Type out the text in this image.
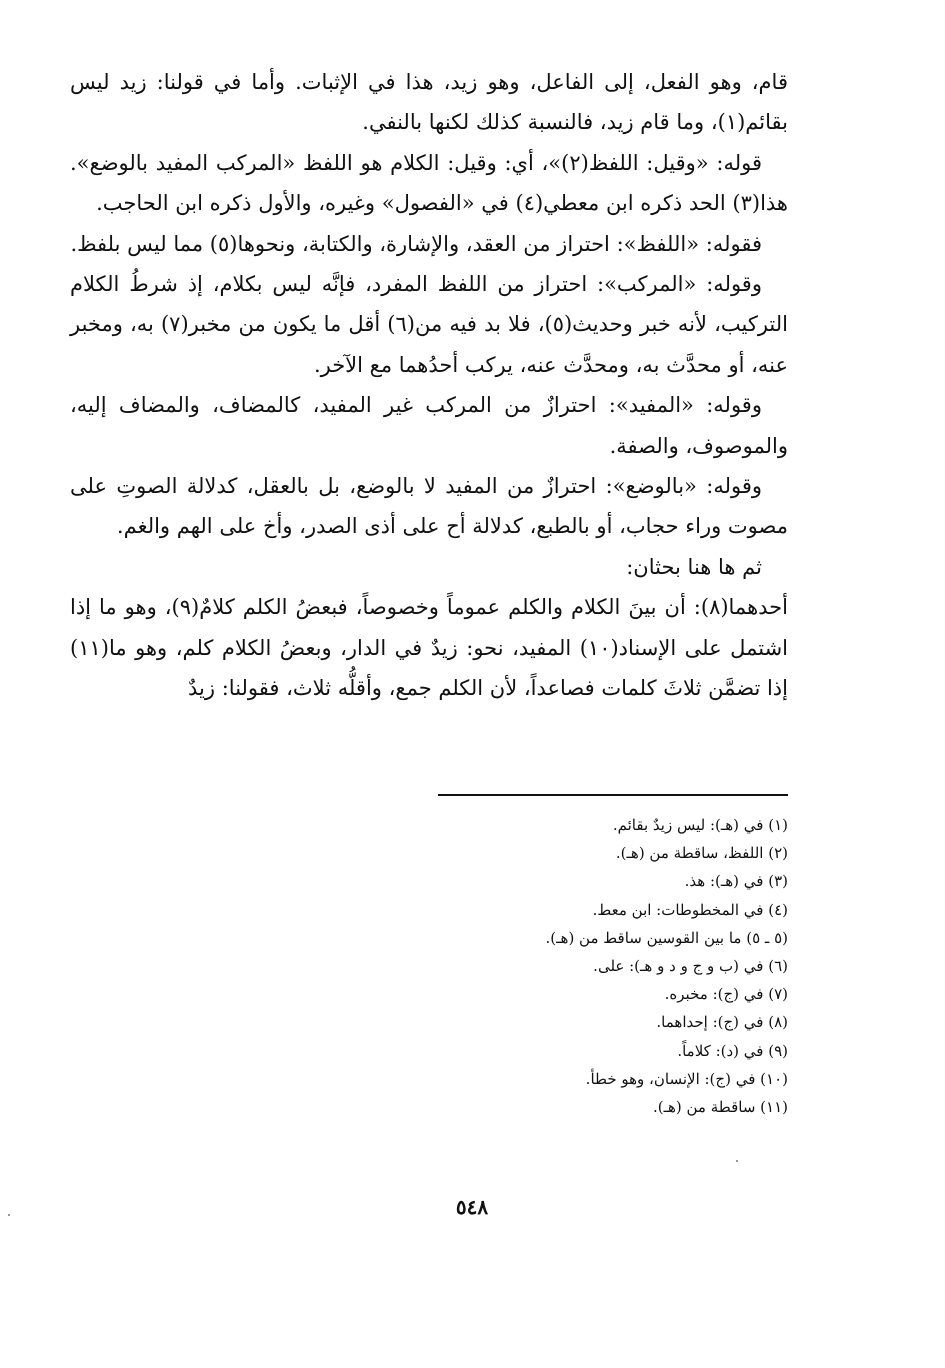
قام، وهو الفعل، إلى الفاعل، وهو زيد، هذا في الإثبات. وأما في قولنا: زيد ليس بقائم(١)، وما قام زيد، فالنسبة كذلك لكنها بالنفي.

قوله: «وقيل: اللفظ(٢)»، أي: وقيل: الكلام هو اللفظ «المركب المفيد بالوضع». هذا(٣) الحد ذكره ابن معطي(٤) في «الفصول» وغيره، والأول ذكره ابن الحاجب.

فقوله: «اللفظ»: احتراز من العقد، والإشارة، والكتابة، ونحوها(٥) مما ليس بلفظ.

وقوله: «المركب»: احتراز من اللفظ المفرد، فإنَّه ليس بكلام، إذ شرطُ الكلام التركيب، لأنه خبر وحديث(٥)، فلا بد فيه من(٦) أقل ما يكون من مخبر(٧) به، ومخبر عنه، أو محدَّث به، ومحدَّث عنه، يركب أحدُهما مع الآخر.

وقوله: «المفيد»: احترازٌ من المركب غير المفيد، كالمضاف، والمضاف إليه، والموصوف، والصفة.

وقوله: «بالوضع»: احترازٌ من المفيد لا بالوضع، بل بالعقل، كدلالة الصوتِ على مصوت وراء حجاب، أو بالطبع، كدلالة أح على أذى الصدر، وأخ على الهم والغم.

ثم ها هنا بحثان:

أحدهما(٨): أن بينَ الكلام والكلم عموماً وخصوصاً، فبعضُ الكلم كلامٌ(٩)، وهو ما إذا اشتمل على الإسناد(١٠) المفيد، نحو: زيدٌ في الدار، وبعضُ الكلام كلم، وهو ما(١١) إذا تضمَّن ثلاثَ كلمات فصاعداً، لأن الكلم جمع، وأقلُّه ثلاث، فقولنا: زيدٌ

(١) في (هـ): ليس زيدٌ بقائم.
(٢) اللفظ، ساقطة من (هـ).
(٣) في (هـ): هذ.
(٤) في المخطوطات: ابن معط.
(٥ ـ ٥) ما بين القوسين ساقط من (هـ).
(٦) في (ب و ج و د و هـ): على.
(٧) في (ج): مخبره.
(٨) في (ج): إحداهما.
(٩) في (د): كلاماً.
(١٠) في (ج): الإنسان، وهو خطأ.
(١١) ساقطة من (هـ).
٥٤٨
